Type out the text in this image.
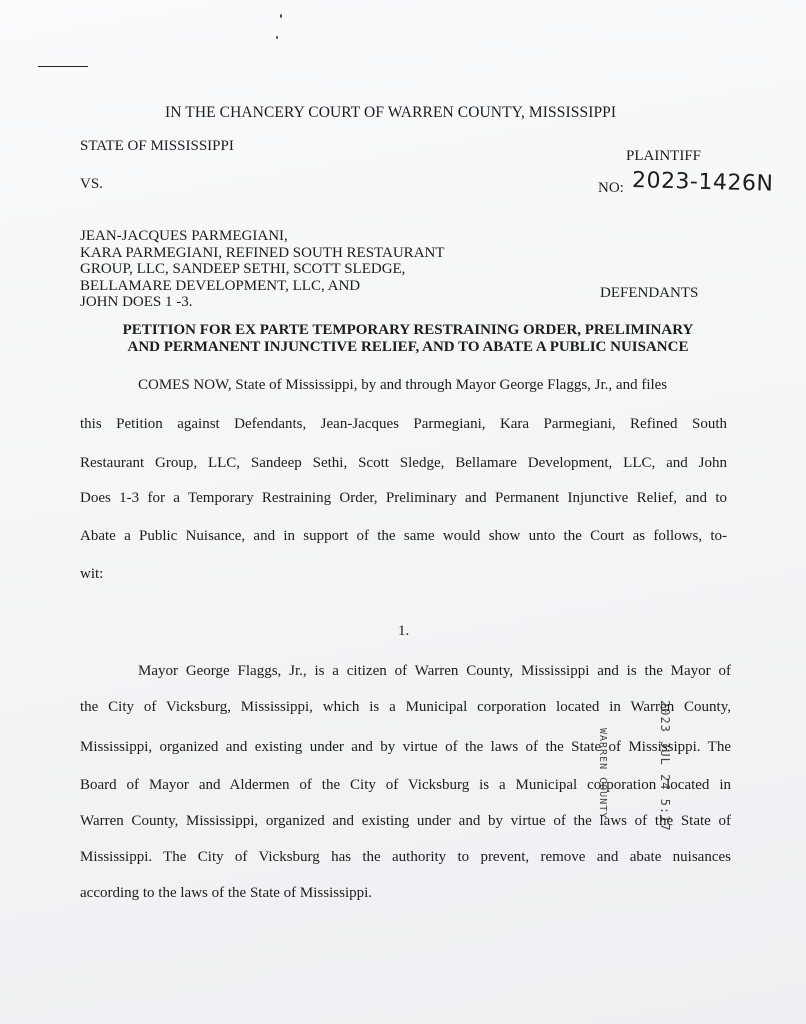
IN THE CHANCERY COURT OF WARREN COUNTY, MISSISSIPPI
STATE OF MISSISSIPPI
PLAINTIFF
VS.	NO: 2023-1426N
JEAN-JACQUES PARMEGIANI,
KARA PARMEGIANI, REFINED SOUTH RESTAURANT
GROUP, LLC, SANDEEP SETHI, SCOTT SLEDGE,
BELLAMARE DEVELOPMENT, LLC, AND
JOHN DOES 1 -3.
DEFENDANTS
PETITION FOR EX PARTE TEMPORARY RESTRAINING ORDER, PRELIMINARY
AND PERMANENT INJUNCTIVE RELIEF, AND TO ABATE A PUBLIC NUISANCE
COMES NOW, State of Mississippi, by and through Mayor George Flaggs, Jr., and files
this Petition against Defendants, Jean-Jacques Parmegiani, Kara Parmegiani, Refined South
Restaurant Group, LLC, Sandeep Sethi, Scott Sledge, Bellamare Development, LLC, and John
Does 1-3 for a Temporary Restraining Order, Preliminary and Permanent Injunctive Relief, and to
Abate a Public Nuisance, and in support of the same would show unto the Court as follows, to-
wit:
1.
Mayor George Flaggs, Jr., is a citizen of Warren County, Mississippi and is the Mayor of
the City of Vicksburg, Mississippi, which is a Municipal corporation located in Warren County,
Mississippi, organized and existing under and by virtue of the laws of the State of Mississippi. The
Board of Mayor and Aldermen of the City of Vicksburg is a Municipal corporation located in
Warren County, Mississippi, organized and existing under and by virtue of the laws of the State of
Mississippi. The City of Vicksburg has the authority to prevent, remove and abate nuisances
according to the laws of the State of Mississippi.
2023 JUL 24 5:17
WARREN COUNTY
